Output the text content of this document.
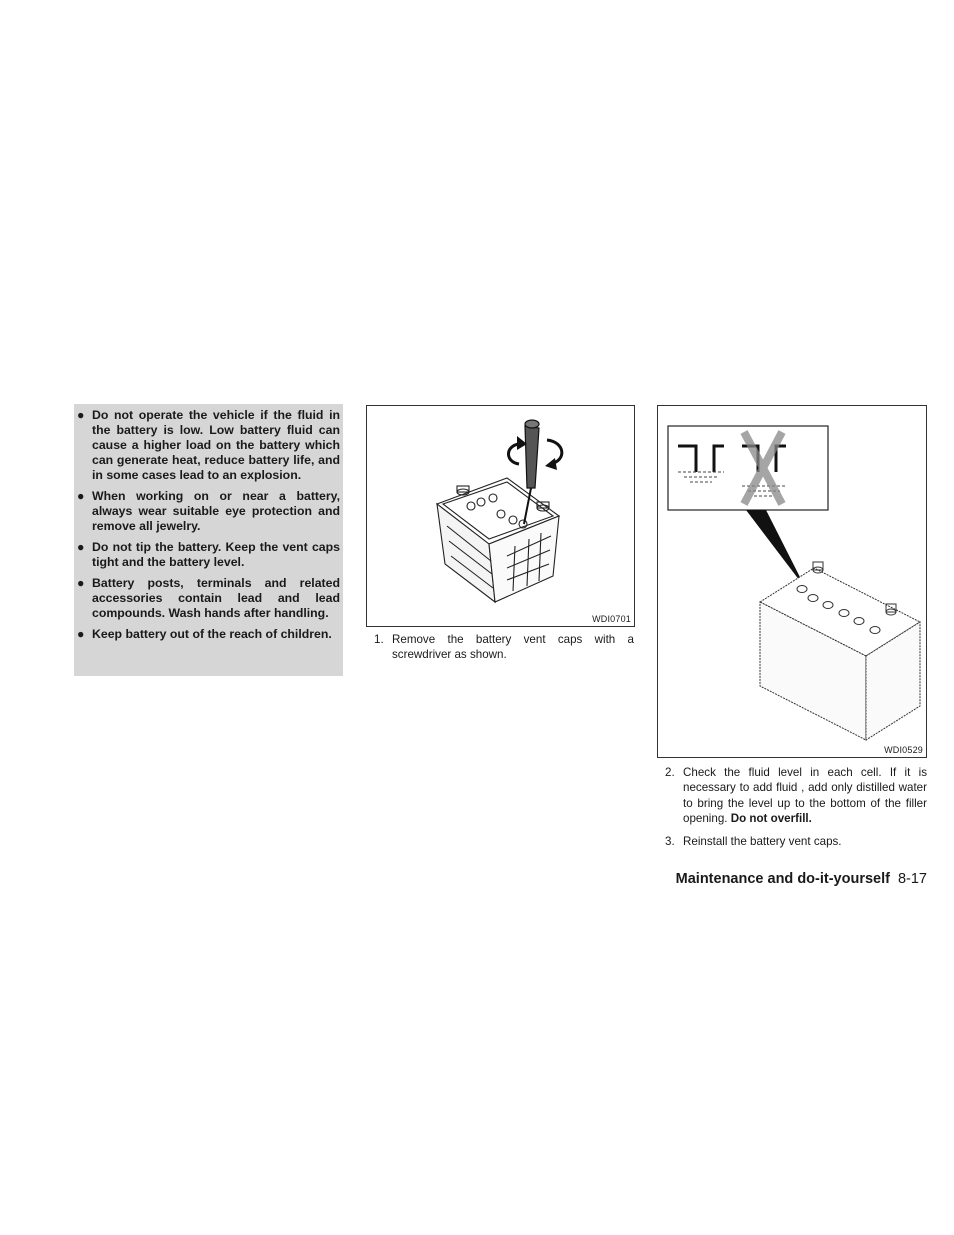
● Do not operate the vehicle if the fluid in the battery is low. Low battery fluid can cause a higher load on the battery which can generate heat, reduce battery life, and in some cases lead to an explosion.
● When working on or near a battery, always wear suitable eye protection and remove all jewelry.
● Do not tip the battery. Keep the vent caps tight and the battery level.
● Battery posts, terminals and related accessories contain lead and lead compounds. Wash hands after handling.
● Keep battery out of the reach of children.
WDI0701
WDI0529
1. Remove the battery vent caps with a screwdriver as shown.
2. Check the fluid level in each cell. If it is necessary to add fluid , add only distilled water to bring the level up to the bottom of the filler opening. Do not overfill.
3. Reinstall the battery vent caps.
Maintenance and do-it-yourself 8-17
